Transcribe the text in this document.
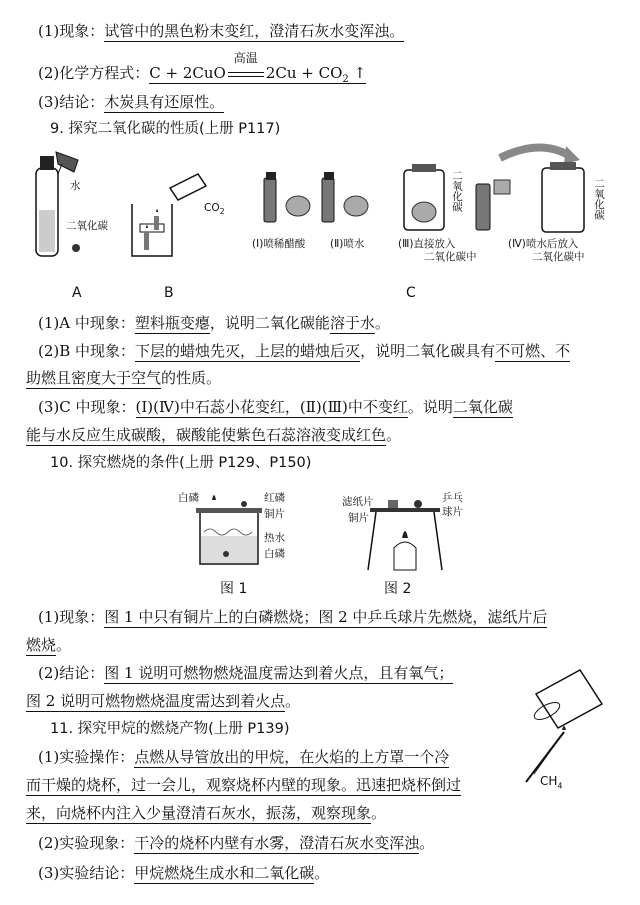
(1)现象：试管中的黑色粉末变红，澄清石灰水变浑浊。
(2)化学方程式：C + 2CuO
高温
$2Cu + CO_2$ ↑
(3)结论：木炭具有还原性。
9. 探究二氧化碳的性质(上册 P117)
水
二氧化碳
$CO_2$
(Ⅰ)喷稀醋酸 (Ⅱ)喷水
二氧化碳
(Ⅲ)直接放入
二氧化碳中
二氧化碳
(Ⅳ)喷水后放入
二氧化碳中
A	B	C
(1)A 中现象：塑料瓶变瘪，说明二氧化碳能溶于水。
(2)B 中现象：下层的蜡烛先灭，上层的蜡烛后灭，说明二氧化碳具有不可燃、不
助燃且密度大于空气的性质。
(3)C 中现象：(Ⅰ)(Ⅳ)中石蕊小花变红，(Ⅱ)(Ⅲ)中不变红。说明二氧化碳
能与水反应生成碳酸，碳酸能使紫色石蕊溶液变成红色。
10. 探究燃烧的条件(上册 P129、P150)
白磷	红磷
铜片
热水
白磷
图 1
滤纸片
铜片
乒乓
球片
图 2
(1)现象：图 1 中只有铜片上的白磷燃烧；图 2 中乒乓球片先燃烧，滤纸片后
燃烧。
(2)结论：图 1 说明可燃物燃烧温度需达到着火点，且有氧气；
图 2 说明可燃物燃烧温度需达到着火点。
11. 探究甲烷的燃烧产物(上册 P139)
$CH_4$
(1)实验操作：点燃从导管放出的甲烷，在火焰的上方罩一个冷
而干燥的烧杯，过一会儿，观察烧杯内壁的现象。迅速把烧杯倒过
来，向烧杯内注入少量澄清石灰水，振荡，观察现象。
(2)实验现象：干冷的烧杯内壁有水雾，澄清石灰水变浑浊。
(3)实验结论：甲烷燃烧生成水和二氧化碳。
